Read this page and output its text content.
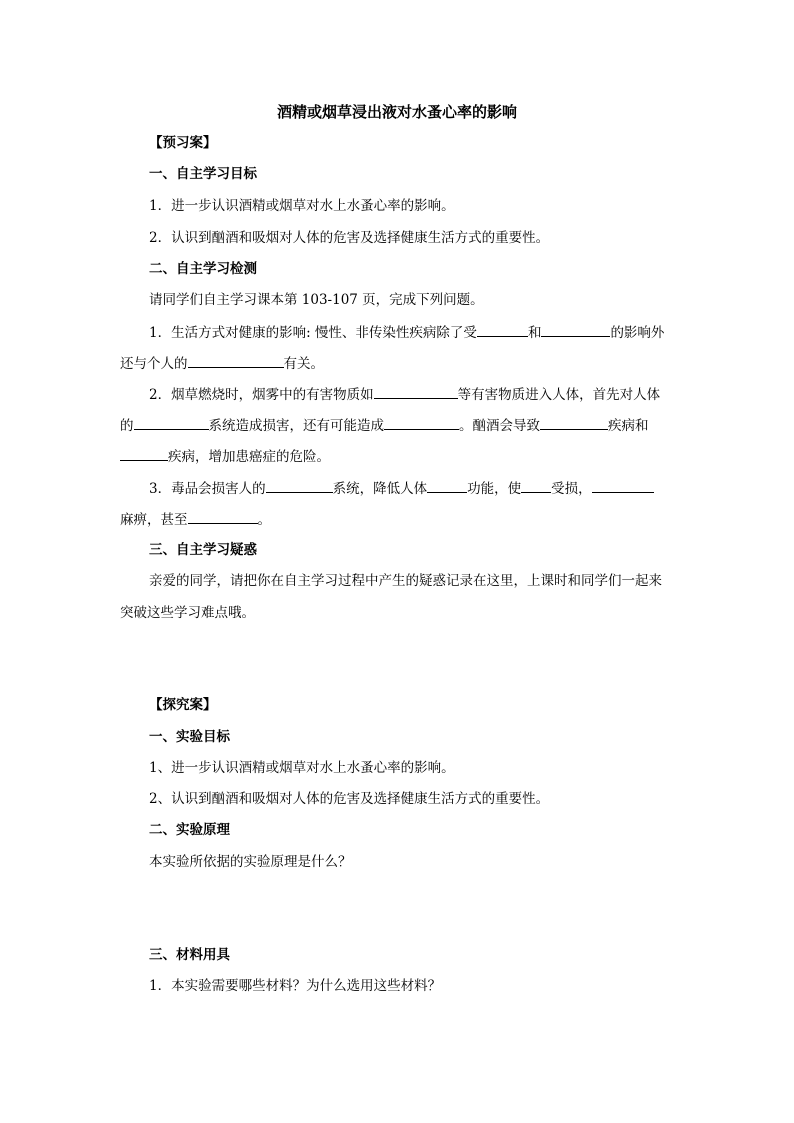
酒精或烟草浸出液对水蚤心率的影响
【预习案】
一、自主学习目标
1．进一步认识酒精或烟草对水上水蚤心率的影响。
2．认识到酗酒和吸烟对人体的危害及选择健康生活方式的重要性。
二、自主学习检测
请同学们自主学习课本第 103-107 页，完成下列问题。
1．生活方式对健康的影响: 慢性、非传染性疾病除了受	和	的影响外
还与个人的	有关。
2．烟草燃烧时，烟雾中的有害物质如	等有害物质进入人体，首先对人体
的	系统造成损害，还有可能造成	。酗酒会导致	疾病和
疾病，增加患癌症的危险。
3．毒品会损害人的	系统，降低人体	功能，使 受损，
麻痹，甚至	。
三、自主学习疑惑
亲爱的同学，请把你在自主学习过程中产生的疑惑记录在这里，上课时和同学们一起来
突破这些学习难点哦。
【探究案】
一、实验目标
1、进一步认识酒精或烟草对水上水蚤心率的影响。
2、认识到酗酒和吸烟对人体的危害及选择健康生活方式的重要性。
二、实验原理
本实验所依据的实验原理是什么？
三、材料用具
1．本实验需要哪些材料？为什么选用这些材料？
